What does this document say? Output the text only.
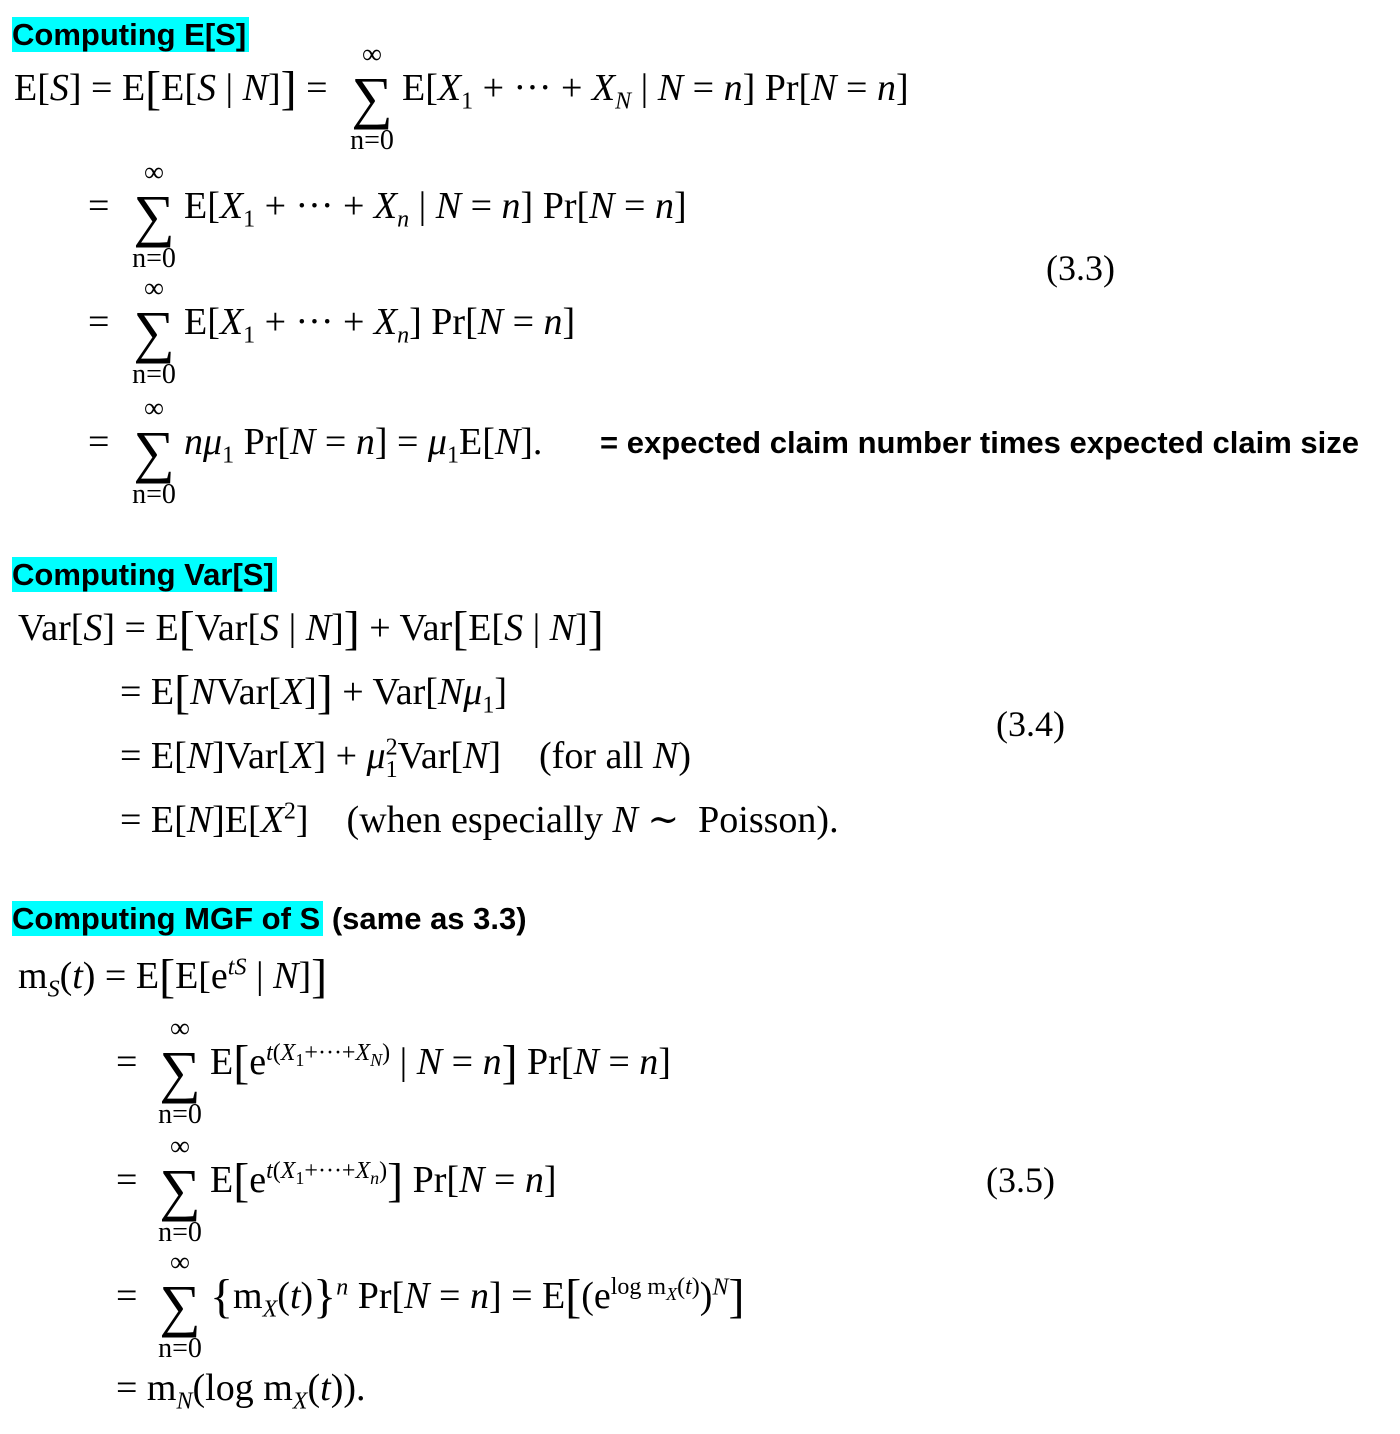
Computing E[S]
E[S] = E[E[S | N]] =
∞
∑
n=0
$E[X_1$ + ··· + $X_N$ | N = n] Pr[N = n]
=
∞
∑
n=0
$E[X_1$ + ··· + $X_n$ | N = n] Pr[N = n]
(3.3)
=
∞
∑
n=0
$E[X_1$ + ··· + $X_n$] Pr[N = n]
=
∞
∑
n=0
$n\mu_1$ $Pr[N = n] = \mu_1E[N]$. = expected claim number times expected claim size
Computing Var[S]
Var[S] = E[Var[S | N]] + Var[E[S | N]]
= E[NVar[X]] + $Var[N\mu_1]$
(3.4)
= $E[N]Var[X] + \mu^2_1Var[N]$    (for all N)
= $E[N]E[X^2]$    (when especially N ∼  Poisson).
Computing MGF of S (same as 3.3)
$m_S(t) = E[E[e^{tS}$ | N]]
=
∞
∑
n=0
$E[e^{t(X_1+\cdot\cdot\cdot+X_N)}$ | N = n] Pr[N = n]
=
∞
∑
n=0
$E[e^{t(X_1+\cdot\cdot\cdot+X_n)}] Pr[N = n]$	(3.5)
=
∞
∑
n=0
$\{m_X(t)\}^n$ $Pr[N = n] = E[(e^{log m_X(t)})^N]$
= $m_N(\log$ $m_X(t)$).
